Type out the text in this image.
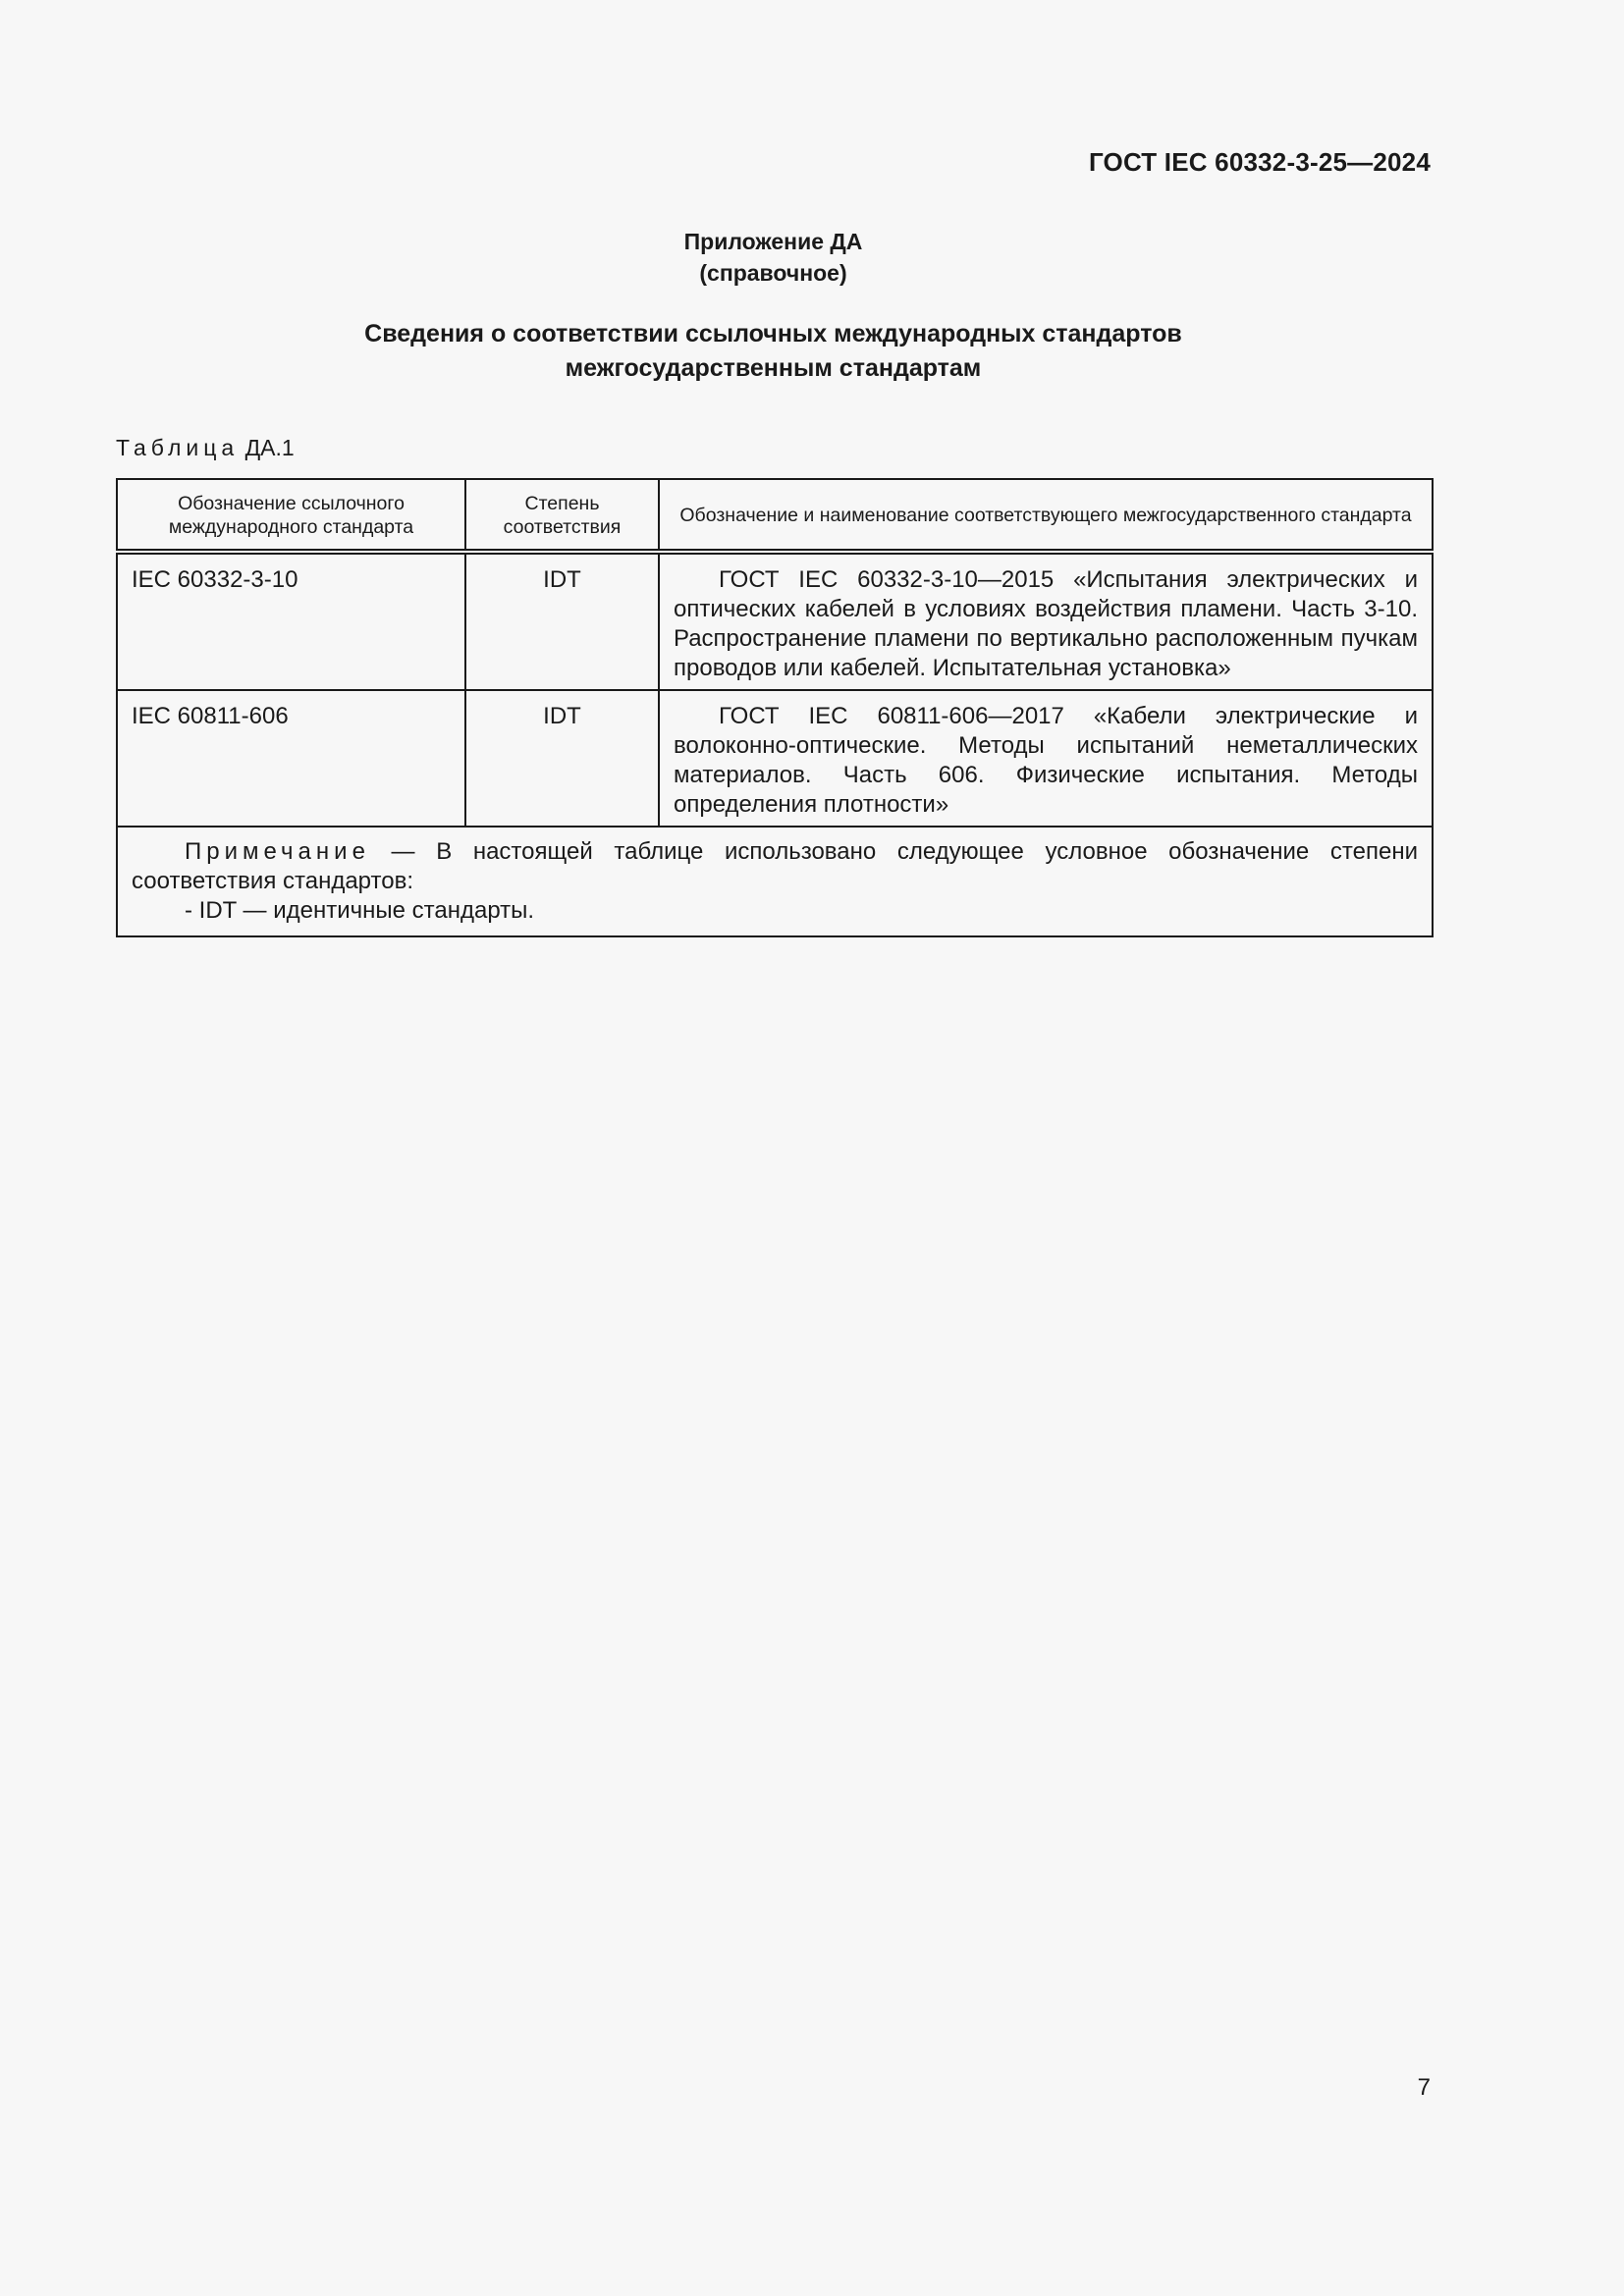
ГОСТ IEC 60332-3-25—2024
Приложение ДА
(справочное)
Сведения о соответствии ссылочных международных стандартов
межгосударственным стандартам
Таблица ДА.1
Обозначение ссылочного международного стандарта	Степень соответствия	Обозначение и наименование соответствующего межгосударственного стандарта
IEC 60332-3-10	IDT	ГОСТ IEC 60332-3-10—2015 «Испытания электрических и оптических кабелей в условиях воздействия пламени. Часть 3-10. Распространение пламени по вертикально расположенным пучкам проводов или кабелей. Испытательная установка»
IEC 60811-606	IDT	ГОСТ IEC 60811-606—2017 «Кабели электрические и волоконно-оптические. Методы испытаний неметаллических материалов. Часть 606. Физические испытания. Методы определения плотности»

Примечание — В настоящей таблице использовано следующее условное обозначение степени соответствия стандартов:
- IDT — идентичные стандарты.		
7
